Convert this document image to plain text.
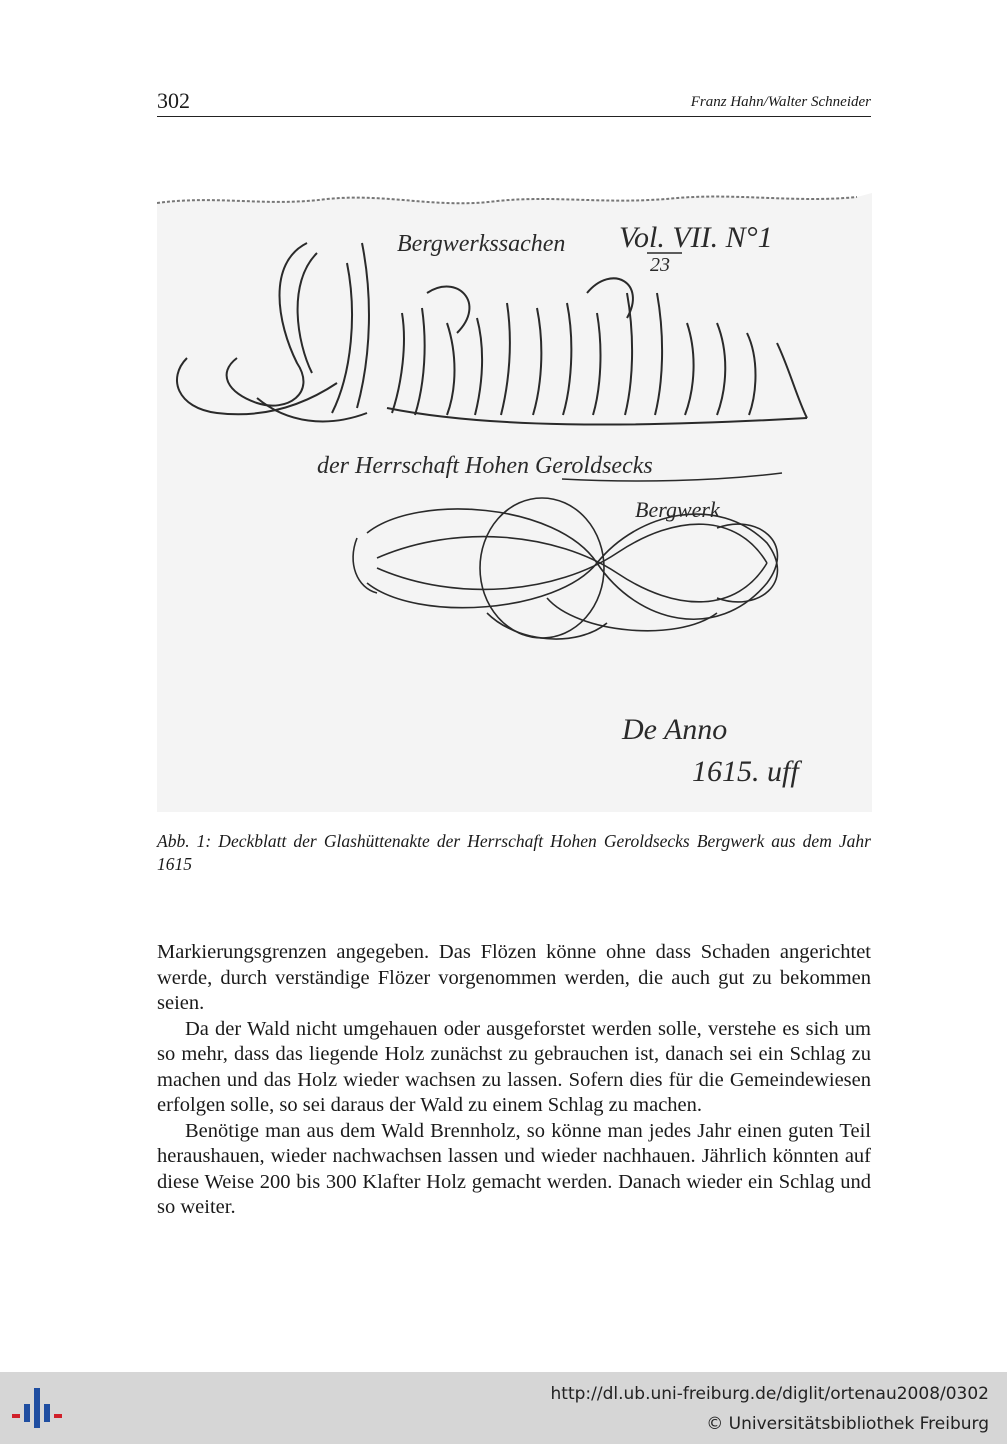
302	Franz Hahn/Walter Schneider
Bergwerkssachen Vol. VII. N°1
23
der Herrschaft Hohen Geroldsecks
Bergwerk
De Anno
1615. uff
Abb. 1: Deckblatt der Glashüttenakte der Herrschaft Hohen Geroldsecks Bergwerk aus dem Jahr 1615

Markierungsgrenzen angegeben. Das Flözen könne ohne dass Schaden angerichtet werde, durch verständige Flözer vorgenommen werden, die auch gut zu bekommen seien.

Da der Wald nicht umgehauen oder ausgeforstet werden solle, verstehe es sich um so mehr, dass das liegende Holz zunächst zu gebrauchen ist, danach sei ein Schlag zu machen und das Holz wieder wachsen zu lassen. Sofern dies für die Gemeindewiesen erfolgen solle, so sei daraus der Wald zu einem Schlag zu machen.

Benötige man aus dem Wald Brennholz, so könne man jedes Jahr einen guten Teil heraushauen, wieder nachwachsen lassen und wieder nachhauen. Jährlich könnten auf diese Weise 200 bis 300 Klafter Holz gemacht werden. Danach wieder ein Schlag und so weiter.

http://dl.ub.uni-freiburg.de/diglit/ortenau2008/0302
© Universitätsbibliothek Freiburg
